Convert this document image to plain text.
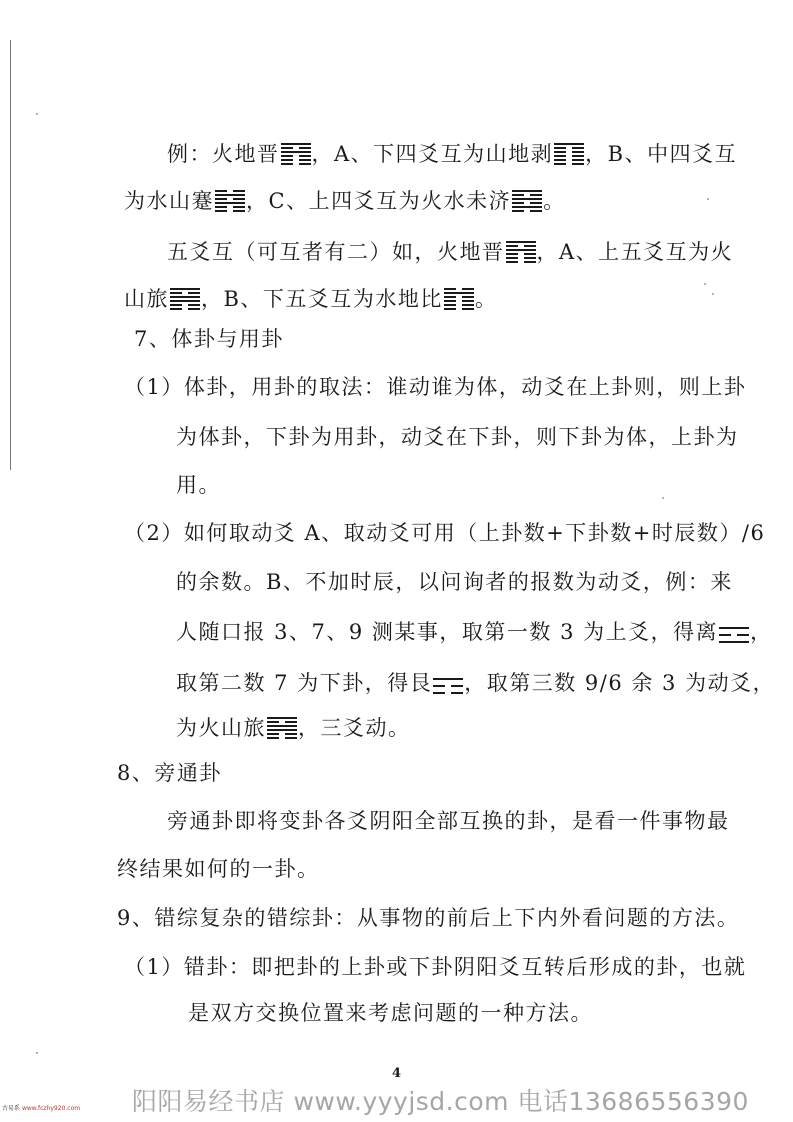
例：火地晋 ，A、下四爻互为山地剥 ，B、中四爻互
为水山蹇 ，C、上四爻互为火水未济 。
五爻互（可互者有二）如，火地晋 ，A、上五爻互为火
山旅 ，B、下五爻互为水地比 。
7、体卦与用卦
（1）体卦，用卦的取法：谁动谁为体，动爻在上卦则，则上卦
为体卦，下卦为用卦，动爻在下卦，则下卦为体，上卦为
用。
（2）如何取动爻 A、取动爻可用（上卦数+下卦数+时辰数）/6
的余数。B、不加时辰，以问询者的报数为动爻，例：来
人随口报 3、7、9 测某事，取第一数 3 为上爻，得离 ，
取第二数 7 为下卦，得艮 ，取第三数 9/6 余 3 为动爻，
为火山旅 ，三爻动。
8、旁通卦
旁通卦即将变卦各爻阴阳全部互换的卦，是看一件事物最
终结果如何的一卦。
9、错综复杂的错综卦：从事物的前后上下内外看问题的方法。
（1）错卦：即把卦的上卦或下卦阴阳爻互转后形成的卦，也就
是双方交换位置来考虑问题的一种方法。
4
阳阳易经书店 www.yyyjsd.com 电话13686556390
古易系 www.fczhy920.com
